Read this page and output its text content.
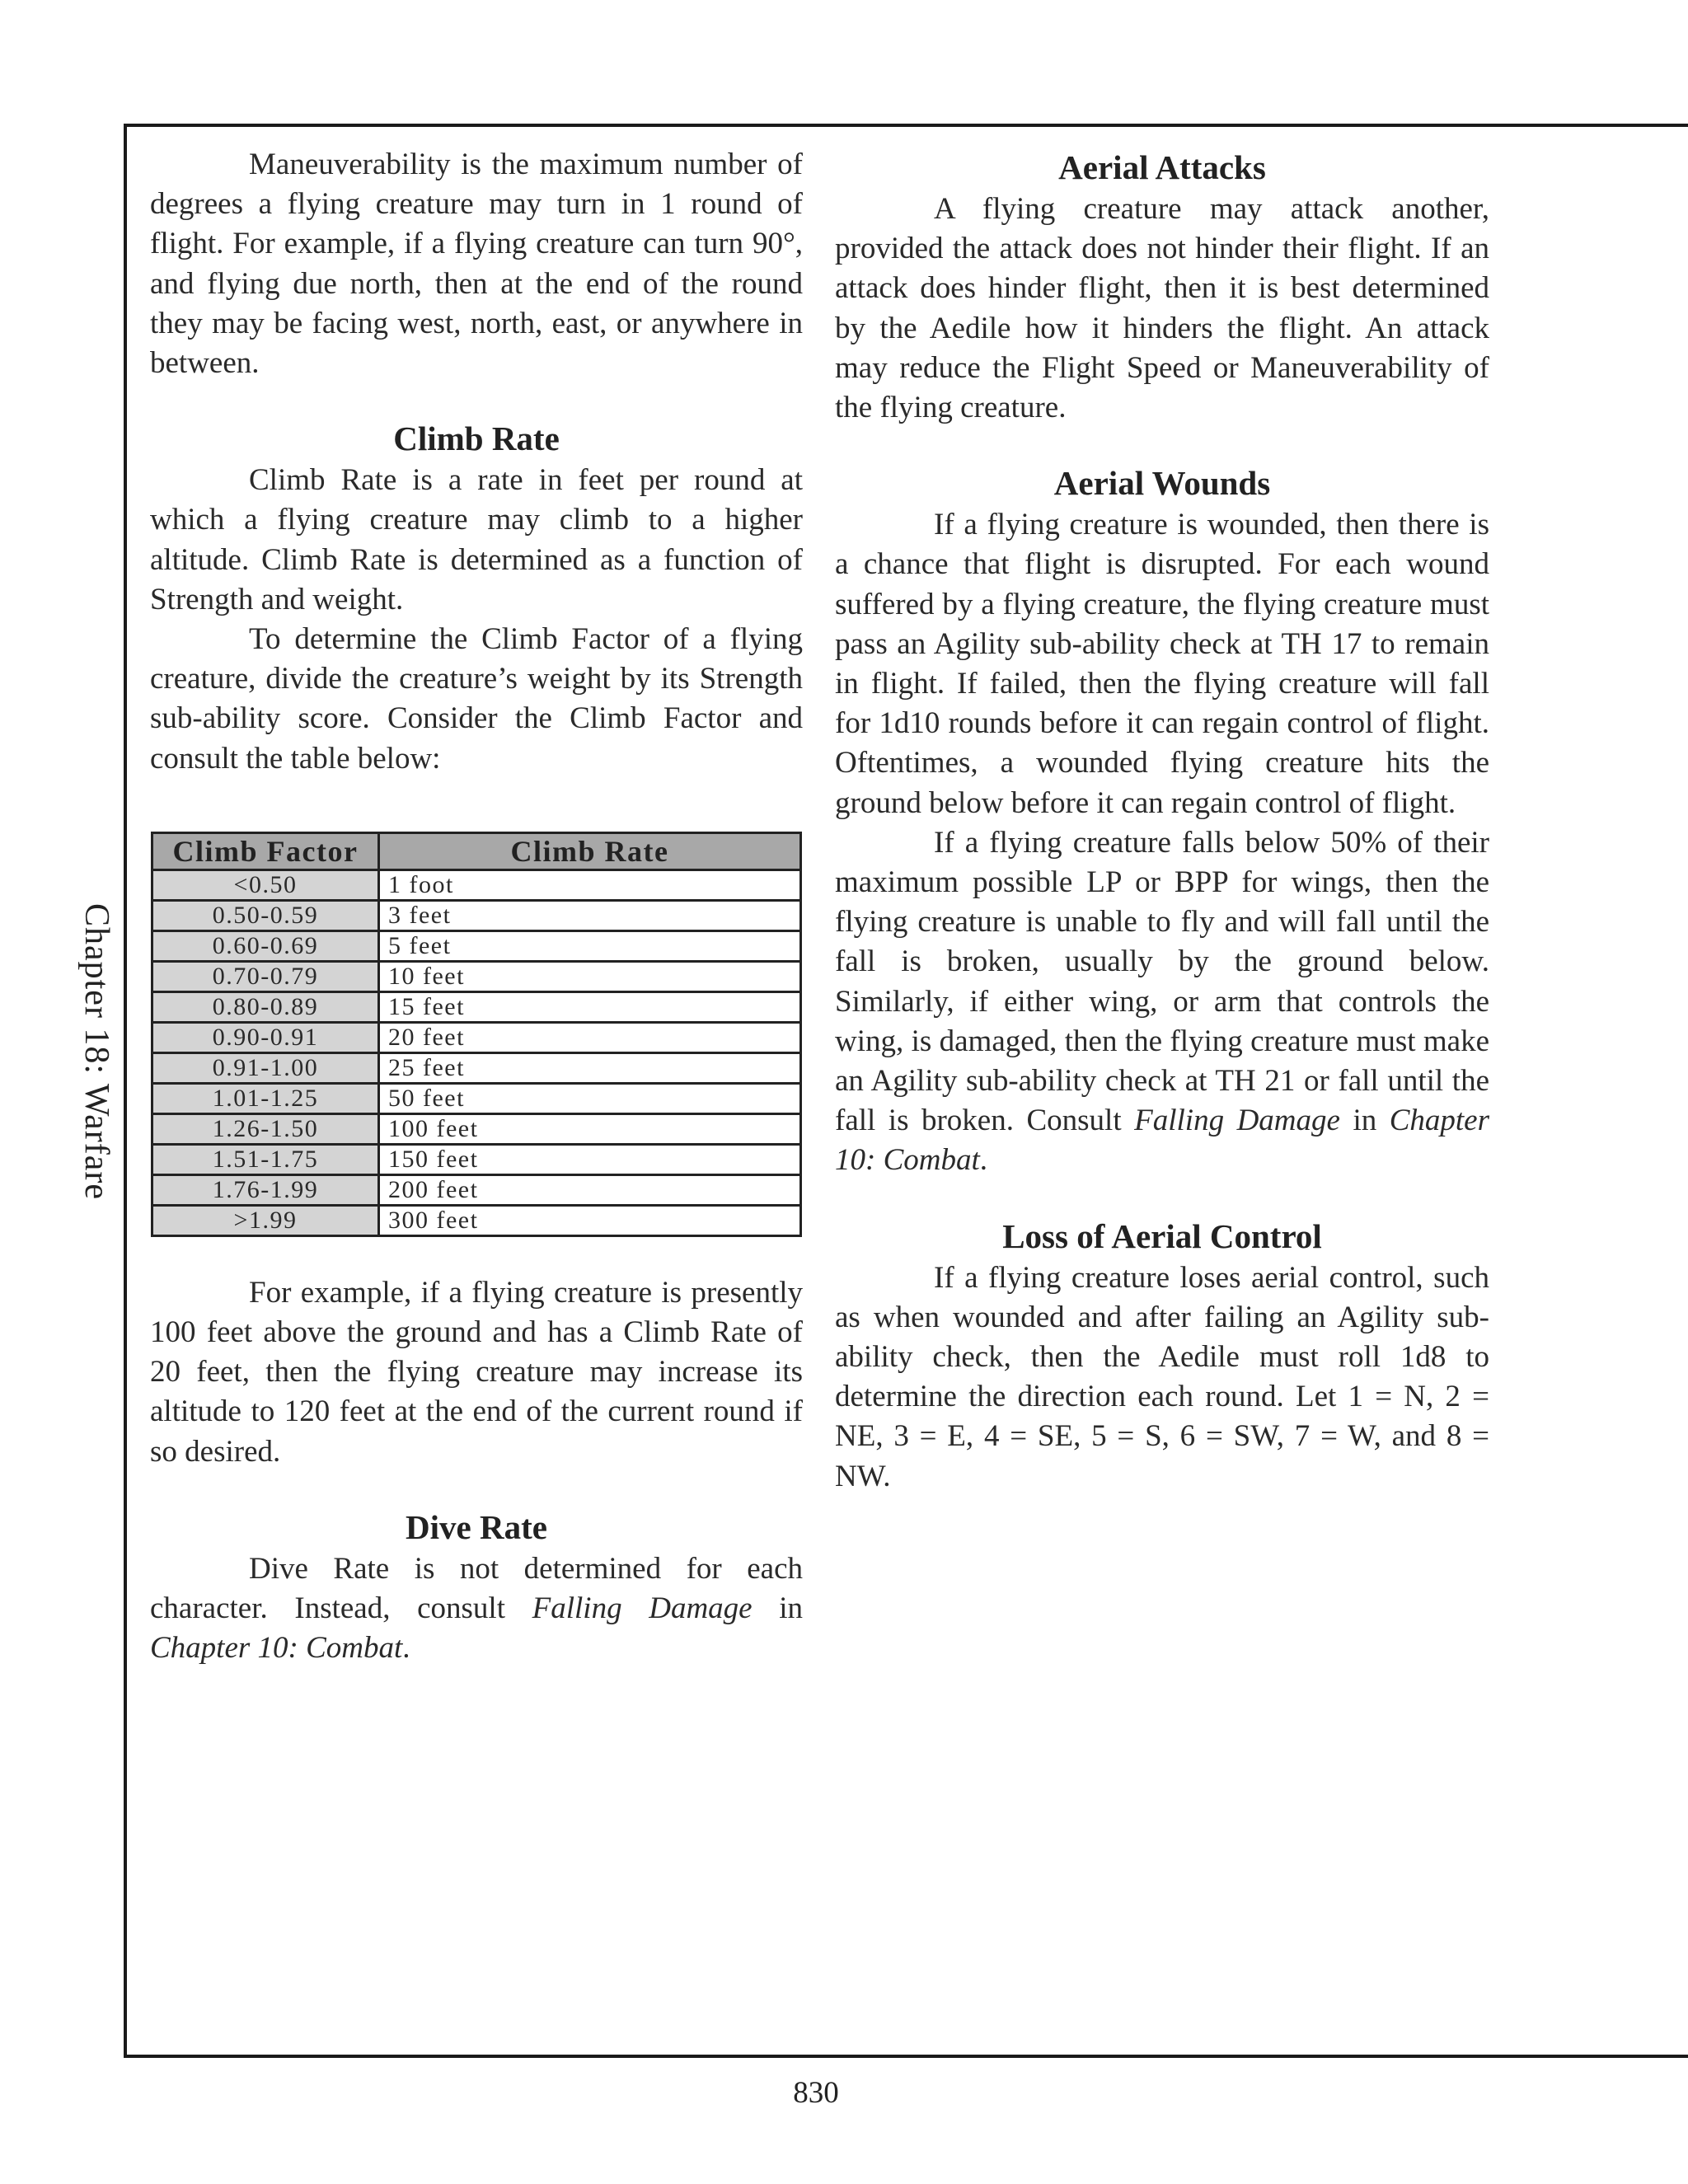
Chapter 18: Warfare

Maneuverability is the maximum number of degrees a flying creature may turn in 1 round of flight. For example, if a flying creature can turn 90°, and flying due north, then at the end of the round they may be facing west, north, east, or anywhere in between.

Climb Rate

Climb Rate is a rate in feet per round at which a flying creature may climb to a higher altitude. Climb Rate is determined as a function of Strength and weight.

To determine the Climb Factor of a flying creature, divide the creature’s weight by its Strength sub-ability score. Consider the Climb Factor and consult the table below:

Climb Factor	Climb Rate
<0.50	1 foot
0.50-0.59	3 feet
0.60-0.69	5 feet
0.70-0.79	10 feet
0.80-0.89	15 feet
0.90-0.91	20 feet
0.91-1.00	25 feet
1.01-1.25	50 feet
1.26-1.50	100 feet
1.51-1.75	150 feet
1.76-1.99	200 feet
>1.99	300 feet

For example, if a flying creature is presently 100 feet above the ground and has a Climb Rate of 20 feet, then the flying creature may increase its altitude to 120 feet at the end of the current round if so desired.

Dive Rate

Dive Rate is not determined for each character. Instead, consult Falling Damage in Chapter 10: Combat.

Aerial Attacks

A flying creature may attack another, provided the attack does not hinder their flight. If an attack does hinder flight, then it is best determined by the Aedile how it hinders the flight. An attack may reduce the Flight Speed or Maneuverability of the flying creature.

Aerial Wounds

If a flying creature is wounded, then there is a chance that flight is disrupted. For each wound suffered by a flying creature, the flying creature must pass an Agility sub-ability check at TH 17 to remain in flight. If failed, then the flying creature will fall for 1d10 rounds before it can regain control of flight. Oftentimes, a wounded flying creature hits the ground below before it can regain control of flight.

If a flying creature falls below 50% of their maximum possible LP or BPP for wings, then the flying creature is unable to fly and will fall until the fall is broken, usually by the ground below. Similarly, if either wing, or arm that controls the wing, is damaged, then the flying creature must make an Agility sub-ability check at TH 21 or fall until the fall is broken. Consult Falling Damage in Chapter 10: Combat.

Loss of Aerial Control

If a flying creature loses aerial control, such as when wounded and after failing an Agility sub-ability check, then the Aedile must roll 1d8 to determine the direction each round. Let 1 = N, 2 = NE, 3 = E, 4 = SE, 5 = S, 6 = SW, 7 = W, and 8 = NW.

830
